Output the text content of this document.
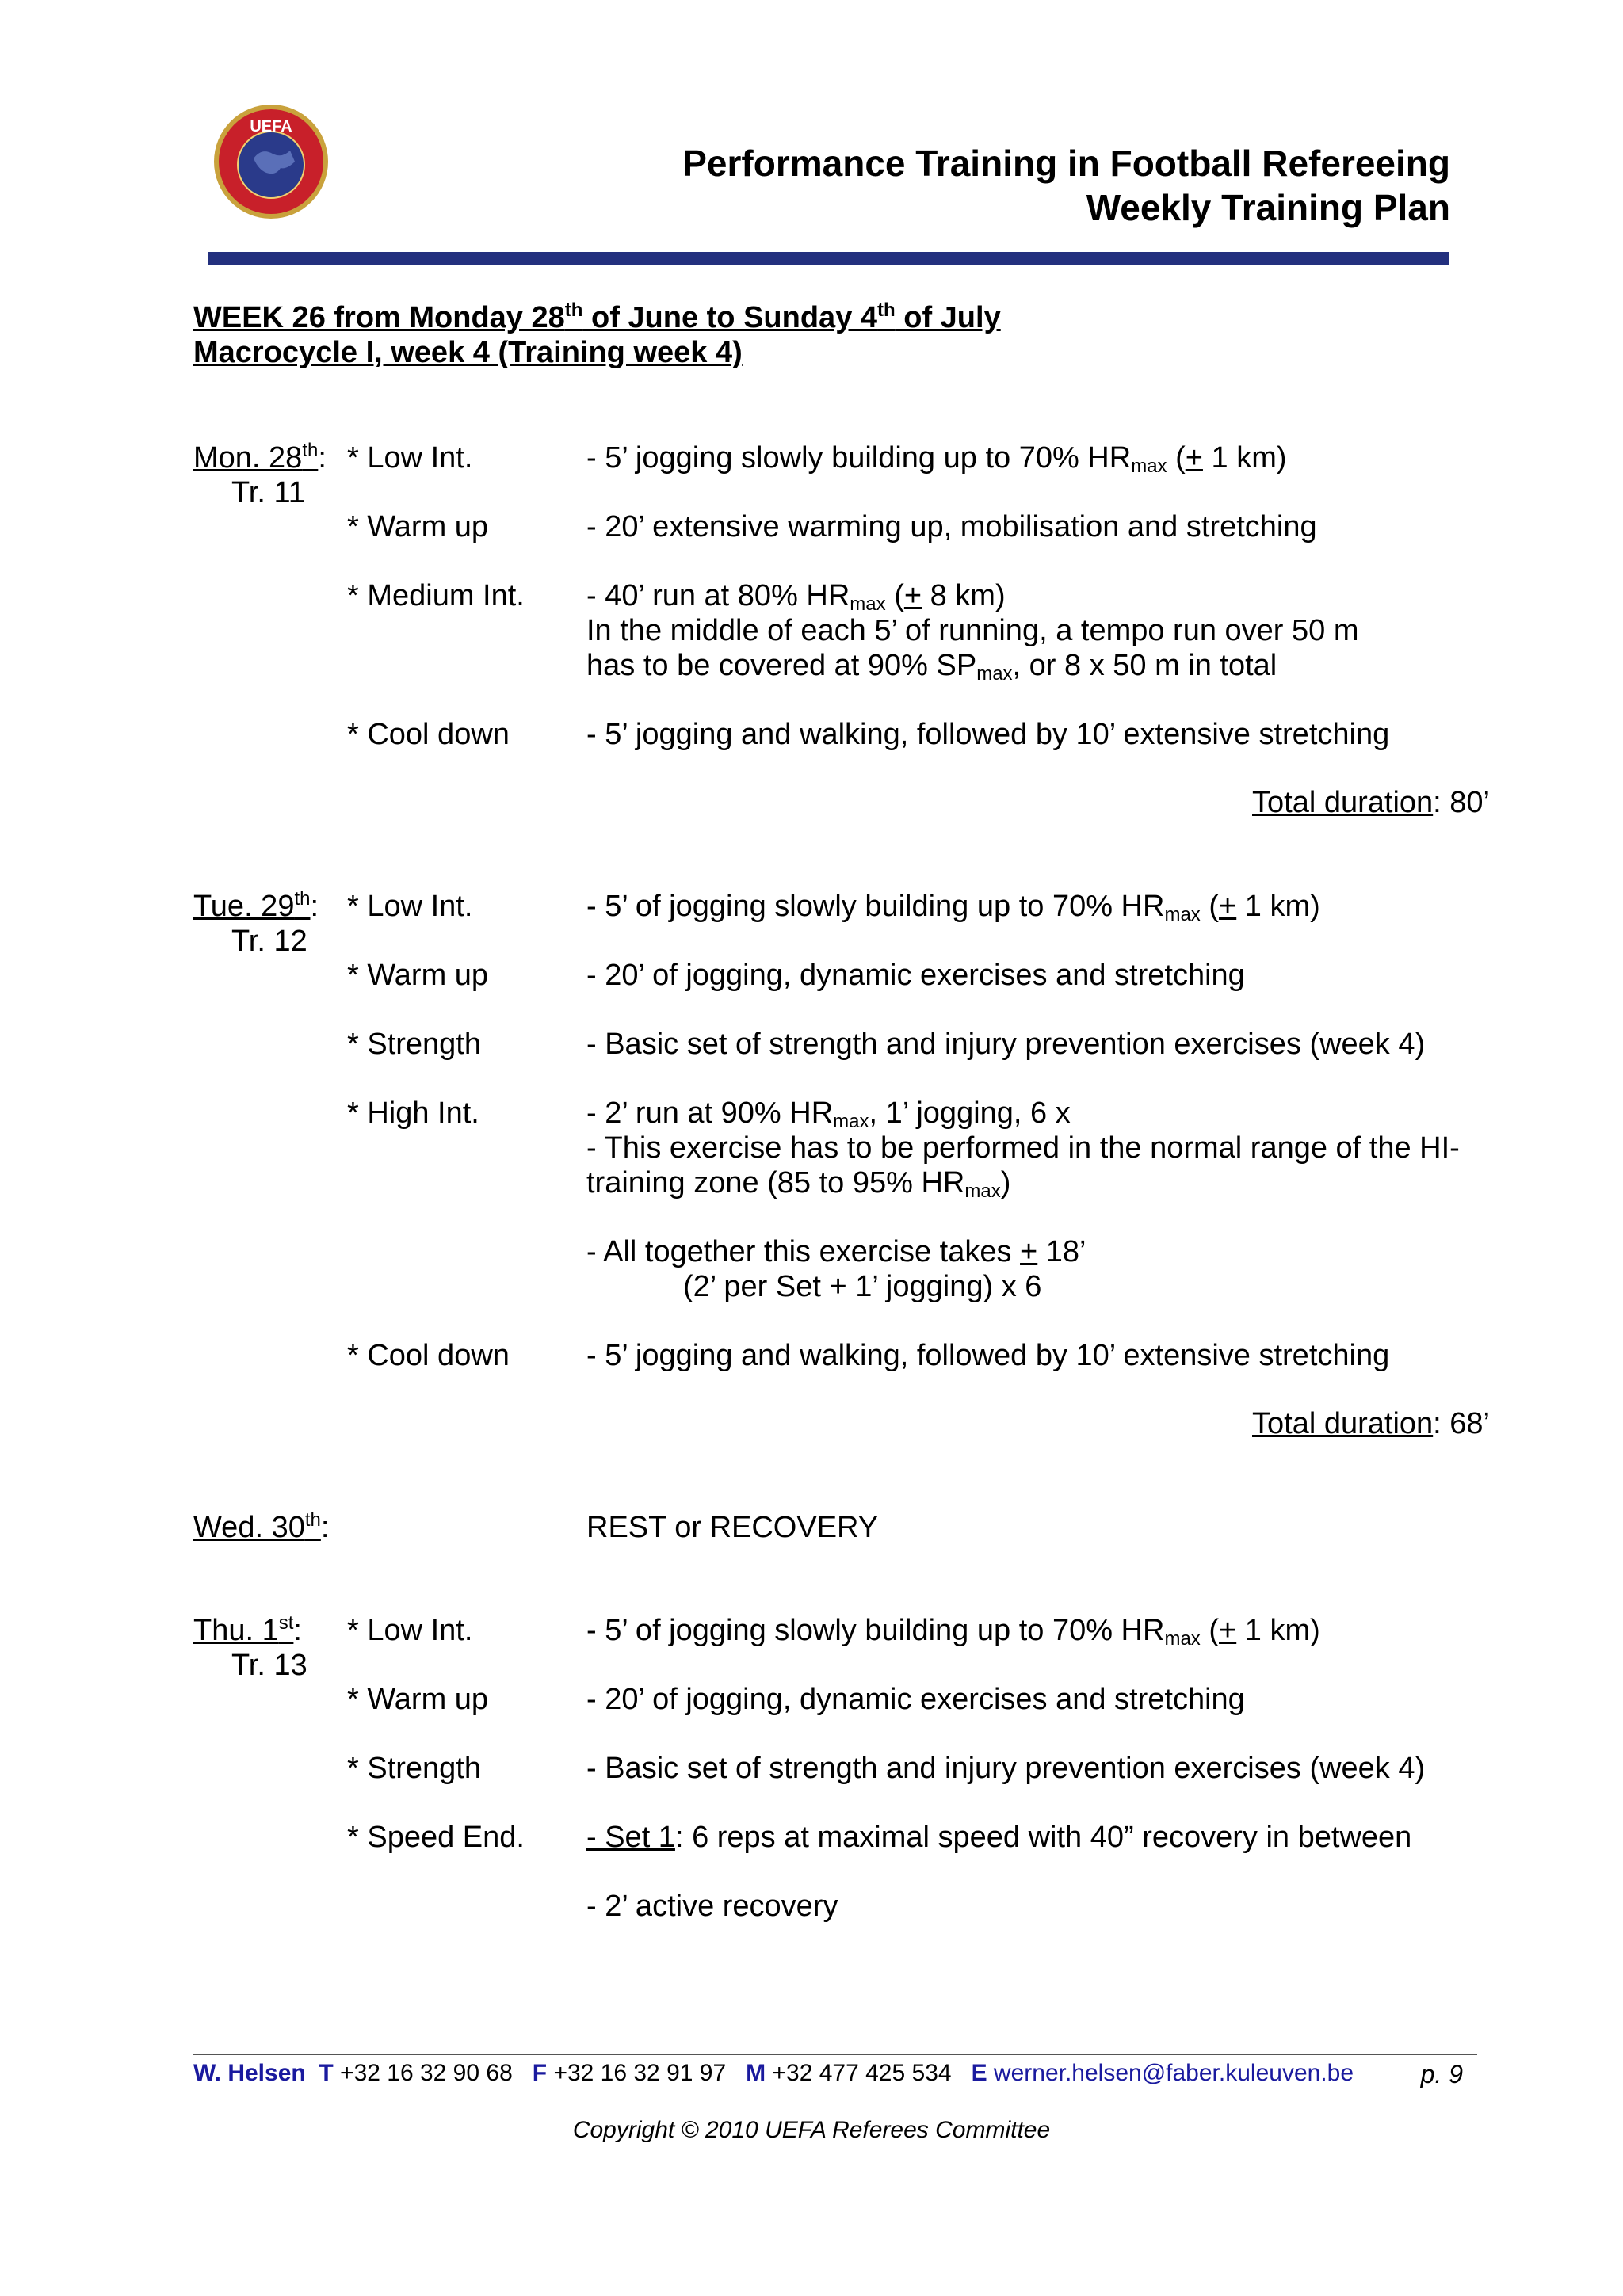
UEFA
Performance Training in Football Refereeing
Weekly Training Plan
WEEK 26 from Monday 28th of June to Sunday 4th of July
Macrocycle I, week 4 (Training week 4)
Mon. 28th:
Tr. 11
* Low Int.	- 5’ jogging slowly building up to 70% $HR_{max}$ (+ 1 km)
* Warm up	- 20’ extensive warming up, mobilisation and stretching
* Medium Int. - 40’ run at 80% $HR_{max}$ (+ 8 km)
In the middle of each 5’ of running, a tempo run over 50 m
has to be covered at 90% $SP_{max}$, or 8 x 50 m in total
* Cool down	- 5’ jogging and walking, followed by 10’ extensive stretching
Total duration: 80’
Tue. 29th:
Tr. 12
* Low Int.	- 5’ of jogging slowly building up to 70% $HR_{max}$ (+ 1 km)
* Warm up	- 20’ of jogging, dynamic exercises and stretching
* Strength	- Basic set of strength and injury prevention exercises (week 4)
* High Int.	- 2’ run at 90% $HR_{max}$, 1’ jogging, 6 x
- This exercise has to be performed in the normal range of the HI-
training zone (85 to 95% $HR_{max}$)
- All together this exercise takes + 18’
(2’ per Set + 1’ jogging) x 6
* Cool down	- 5’ jogging and walking, followed by 10’ extensive stretching
Total duration: 68’
Wed. 30th:	REST or RECOVERY
Thu. 1st:
Tr. 13
* Low Int.	- 5’ of jogging slowly building up to 70% $HR_{max}$ (+ 1 km)
* Warm up	- 20’ of jogging, dynamic exercises and stretching
* Strength	- Basic set of strength and injury prevention exercises (week 4)
* Speed End. - Set 1: 6 reps at maximal speed with 40” recovery in between
- 2’ active recovery
W. Helsen T +32 16 32 90 68 F +32 16 32 91 97 M +32 477 425 534 E werner.helsen@faber.kuleuven.be	p. 9
Copyright © 2010 UEFA Referees Committee
